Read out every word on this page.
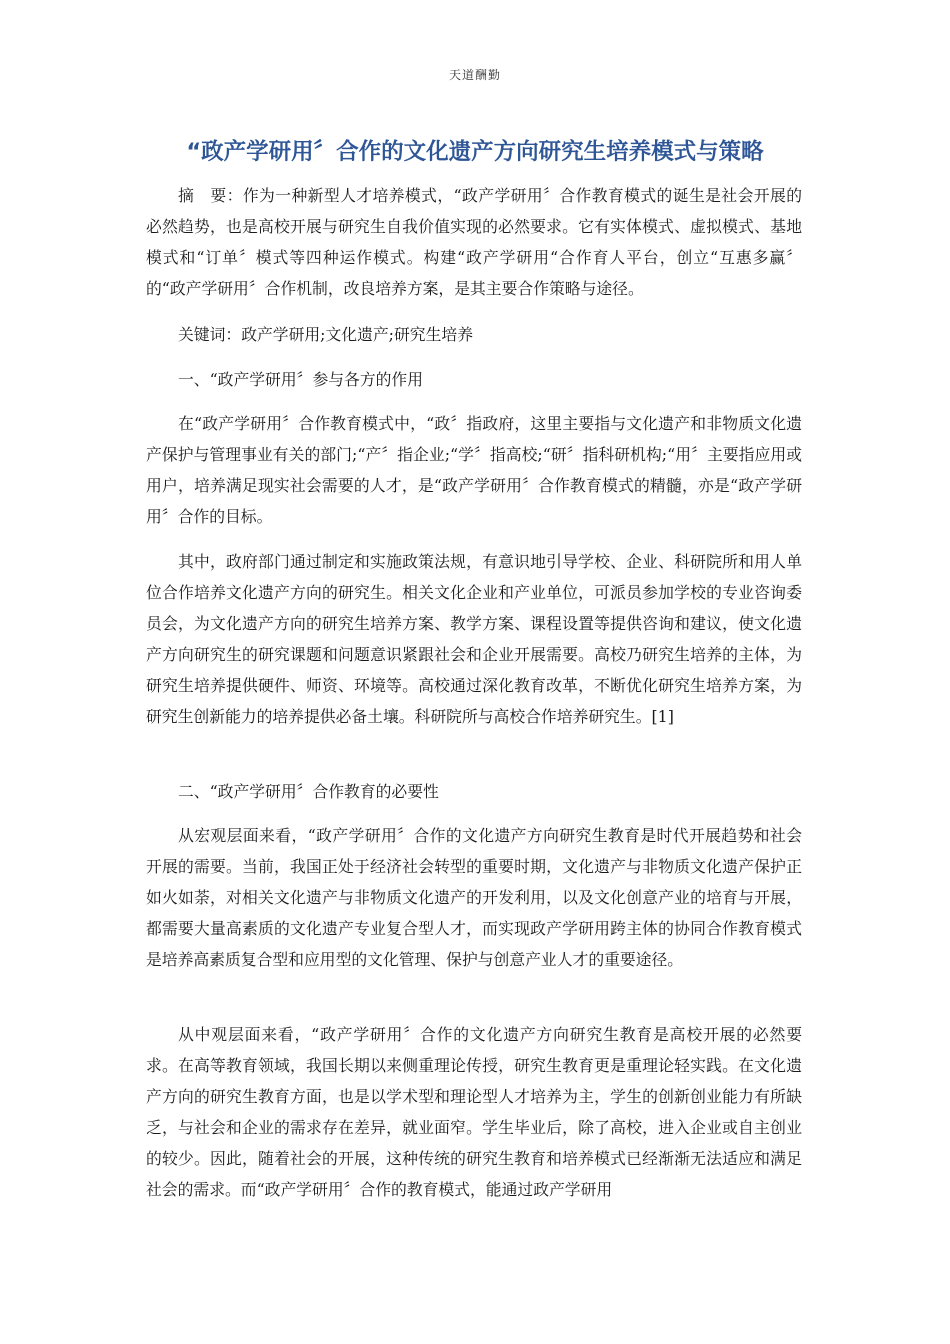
天道酬勤
“政产学研用〞合作的文化遗产方向研究生培养模式与策略

摘　要：作为一种新型人才培养模式，“政产学研用〞合作教育模式的诞生是社会开展的必然趋势，也是高校开展与研究生自我价值实现的必然要求。它有实体模式、虚拟模式、基地模式和“订单〞模式等四种运作模式。构建“政产学研用“合作育人平台，创立“互惠多赢〞的“政产学研用〞合作机制，改良培养方案，是其主要合作策略与途径。

关键词：政产学研用;文化遗产;研究生培养

一、“政产学研用〞参与各方的作用

在“政产学研用〞合作教育模式中，“政〞指政府，这里主要指与文化遗产和非物质文化遗产保护与管理事业有关的部门;“产〞指企业;“学〞指高校;“研〞指科研机构;“用〞主要指应用或用户，培养满足现实社会需要的人才，是“政产学研用〞合作教育模式的精髓，亦是“政产学研用〞合作的目标。

其中，政府部门通过制定和实施政策法规，有意识地引导学校、企业、科研院所和用人单位合作培养文化遗产方向的研究生。相关文化企业和产业单位，可派员参加学校的专业咨询委员会，为文化遗产方向的研究生培养方案、教学方案、课程设置等提供咨询和建议，使文化遗产方向研究生的研究课题和问题意识紧跟社会和企业开展需要。高校乃研究生培养的主体，为研究生培养提供硬件、师资、环境等。高校通过深化教育改革，不断优化研究生培养方案，为研究生创新能力的培养提供必备土壤。科研院所与高校合作培养研究生。[1]

二、“政产学研用〞合作教育的必要性

从宏观层面来看，“政产学研用〞合作的文化遗产方向研究生教育是时代开展趋势和社会开展的需要。当前，我国正处于经济社会转型的重要时期，文化遗产与非物质文化遗产保护正如火如荼，对相关文化遗产与非物质文化遗产的开发利用，以及文化创意产业的培育与开展，都需要大量高素质的文化遗产专业复合型人才，而实现政产学研用跨主体的协同合作教育模式是培养高素质复合型和应用型的文化管理、保护与创意产业人才的重要途径。

从中观层面来看，“政产学研用〞合作的文化遗产方向研究生教育是高校开展的必然要求。在高等教育领域，我国长期以来侧重理论传授，研究生教育更是重理论轻实践。在文化遗产方向的研究生教育方面，也是以学术型和理论型人才培养为主，学生的创新创业能力有所缺乏，与社会和企业的需求存在差异，就业面窄。学生毕业后，除了高校，进入企业或自主创业的较少。因此，随着社会的开展，这种传统的研究生教育和培养模式已经渐渐无法适应和满足社会的需求。而“政产学研用〞合作的教育模式，能通过政产学研用
